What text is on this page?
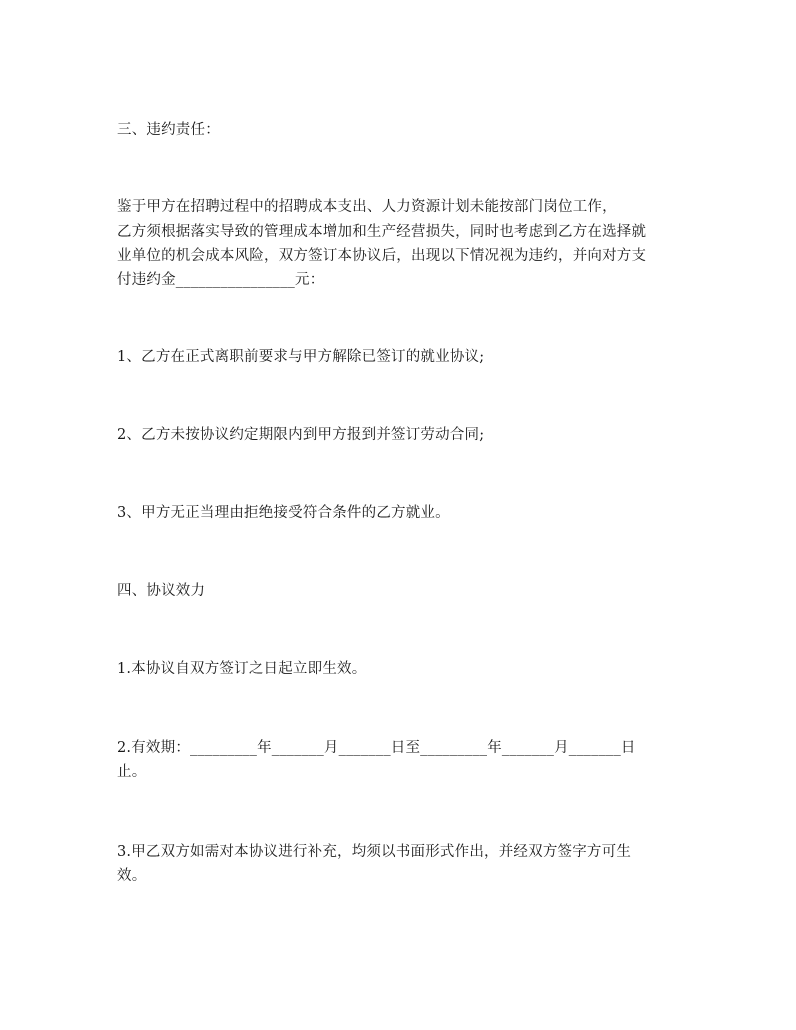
三、违约责任：
鉴于甲方在招聘过程中的招聘成本支出、人力资源计划未能按部门岗位工作，
乙方须根据落实导致的管理成本增加和生产经营损失，同时也考虑到乙方在选择就
业单位的机会成本风险，双方签订本协议后，出现以下情况视为违约，并向对方支
付违约金________________元：
1、乙方在正式离职前要求与甲方解除已签订的就业协议;
2、乙方未按协议约定期限内到甲方报到并签订劳动合同;
3、甲方无正当理由拒绝接受符合条件的乙方就业。
四、协议效力
1.本协议自双方签订之日起立即生效。
2.有效期：_________年_______月_______日至_________年_______月_______日
止。
3.甲乙双方如需对本协议进行补充，均须以书面形式作出，并经双方签字方可生
效。
